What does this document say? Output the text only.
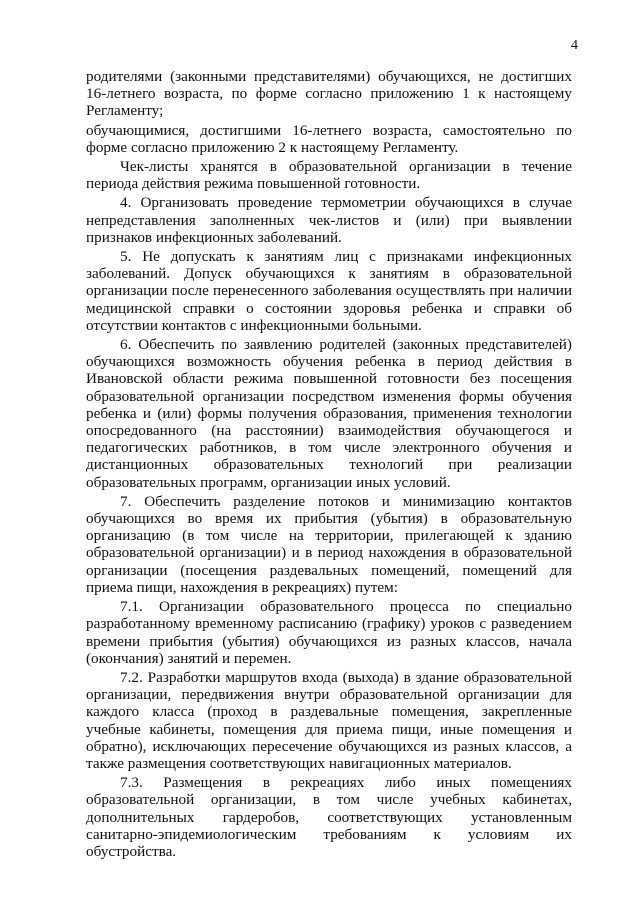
4

родителями (законными представителями) обучающихся, не достигших 16-летнего возраста, по форме согласно приложению 1 к настоящему Регламенту;

обучающимися, достигшими 16-летнего возраста, самостоятельно по форме согласно приложению 2 к настоящему Регламенту.

Чек-листы хранятся в образовательной организации в течение периода действия режима повышенной готовности.

4. Организовать проведение термометрии обучающихся в случае непредставления заполненных чек-листов и (или) при выявлении признаков инфекционных заболеваний.

5. Не допускать к занятиям лиц с признаками инфекционных заболеваний. Допуск обучающихся к занятиям в образовательной организации после перенесенного заболевания осуществлять при наличии медицинской справки о состоянии здоровья ребенка и справки об отсутствии контактов с инфекционными больными.

6. Обеспечить по заявлению родителей (законных представителей) обучающихся возможность обучения ребенка в период действия в Ивановской области режима повышенной готовности без посещения образовательной организации посредством изменения формы обучения ребенка и (или) формы получения образования, применения технологии опосредованного (на расстоянии) взаимодействия обучающегося и педагогических работников, в том числе электронного обучения и дистанционных образовательных технологий при реализации образовательных программ, организации иных условий.

7. Обеспечить разделение потоков и минимизацию контактов обучающихся во время их прибытия (убытия) в образовательную организацию (в том числе на территории, прилегающей к зданию образовательной организации) и в период нахождения в образовательной организации (посещения раздевальных помещений, помещений для приема пищи, нахождения в рекреациях) путем:

7.1. Организации образовательного процесса по специально разработанному временному расписанию (графику) уроков с разведением времени прибытия (убытия) обучающихся из разных классов, начала (окончания) занятий и перемен.

7.2. Разработки маршрутов входа (выхода) в здание образовательной организации, передвижения внутри образовательной организации для каждого класса (проход в раздевальные помещения, закрепленные учебные кабинеты, помещения для приема пищи, иные помещения и обратно), исключающих пересечение обучающихся из разных классов, а также размещения соответствующих навигационных материалов.

7.3. Размещения в рекреациях либо иных помещениях образовательной организации, в том числе учебных кабинетах, дополнительных гардеробов, соответствующих установленным санитарно-эпидемиологическим требованиям к условиям их обустройства.
